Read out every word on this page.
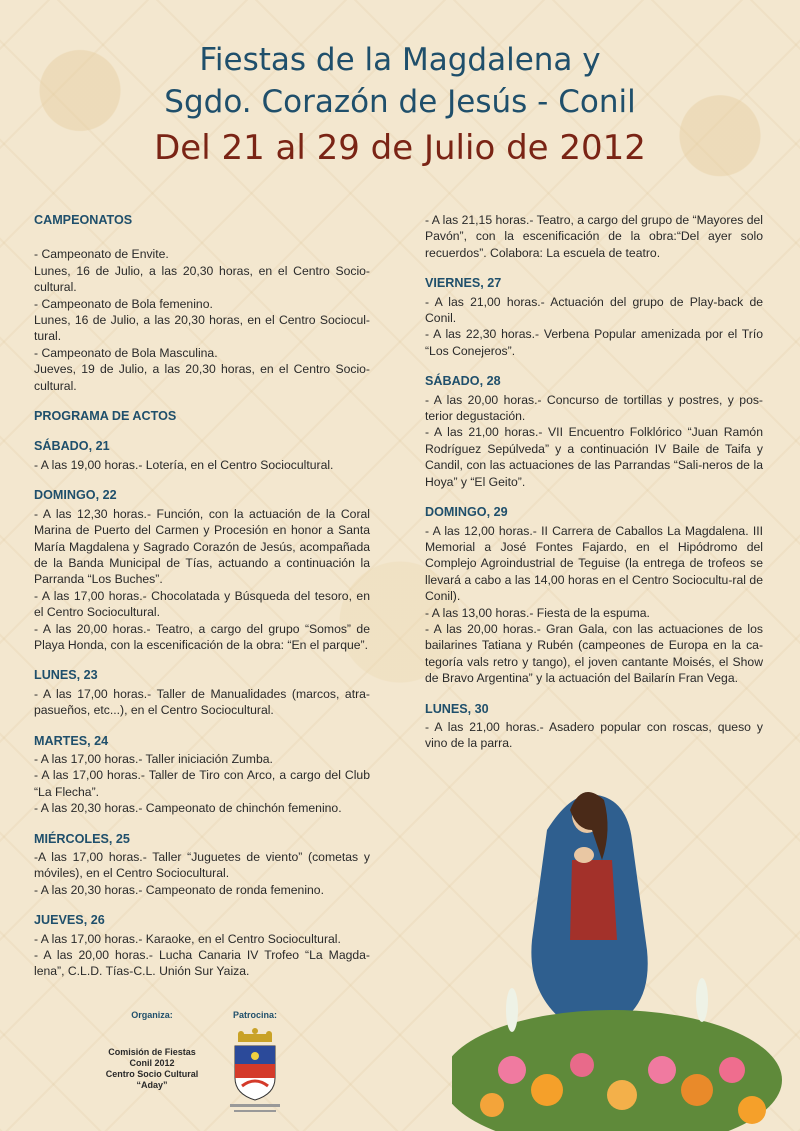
Fiestas de la Magdalena y
Sgdo. Corazón de Jesús - Conil
Del 21 al 29 de Julio de 2012
CAMPEONATOS
- Campeonato de Envite.
Lunes, 16 de Julio, a las 20,30 horas, en el Centro Socio-cultural.
- Campeonato de Bola femenino.
Lunes, 16 de Julio, a las 20,30 horas, en el Centro Sociocul-tural.
- Campeonato de Bola Masculina.
Jueves, 19 de Julio, a las 20,30 horas, en el Centro Socio-cultural.
PROGRAMA DE ACTOS
SÁBADO, 21
- A las 19,00 horas.- Lotería, en el Centro Sociocultural.
DOMINGO, 22
- A las 12,30 horas.- Función, con la actuación de la Coral Marina de Puerto del Carmen y Procesión en honor a Santa María Magdalena y Sagrado Corazón de Jesús, acompañada de la Banda Municipal de Tías, actuando a continuación la Parranda “Los Buches”.
- A las 17,00 horas.- Chocolatada y Búsqueda del tesoro, en el Centro Sociocultural.
- A las 20,00 horas.- Teatro, a cargo del grupo “Somos” de Playa Honda, con la escenificación de la obra: “En el parque”.
LUNES, 23
- A las 17,00 horas.- Taller de Manualidades (marcos, atra-pasueños, etc...), en el Centro Sociocultural.
MARTES, 24
- A las 17,00 horas.- Taller iniciación Zumba.
- A las 17,00 horas.- Taller de Tiro con Arco, a cargo del Club “La Flecha”.
- A las 20,30 horas.- Campeonato de chinchón femenino.
MIÉRCOLES, 25
-A las 17,00 horas.- Taller “Juguetes de viento” (cometas y móviles), en el Centro Sociocultural.
- A las 20,30 horas.- Campeonato de ronda femenino.
JUEVES, 26
- A las 17,00 horas.- Karaoke, en el Centro Sociocultural.
- A las 20,00 horas.- Lucha Canaria IV Trofeo “La Magda-lena”, C.L.D. Tías-C.L. Unión Sur Yaiza.
- A las 21,15 horas.- Teatro, a cargo del grupo de “Mayores del Pavón”, con la escenificación de la obra:“Del ayer solo recuerdos”. Colabora: La escuela de teatro.
VIERNES, 27
- A las 21,00 horas.- Actuación del grupo de Play-back de Conil.
- A las 22,30 horas.- Verbena Popular amenizada por el Trío “Los Conejeros”.
SÁBADO, 28
- A las 20,00 horas.- Concurso de tortillas y postres, y pos-terior degustación.
- A las 21,00 horas.- VII Encuentro Folklórico “Juan Ramón Rodríguez Sepúlveda” y a continuación IV Baile de Taifa y Candil, con las actuaciones de las Parrandas “Sali-neros de la Hoya” y “El Geito”.
DOMINGO, 29
- A las 12,00 horas.- II Carrera de Caballos La Magdalena. III Memorial a José Fontes Fajardo, en el Hipódromo del Complejo Agroindustrial de Teguise (la entrega de trofeos se llevará a cabo a las 14,00 horas en el Centro Sociocultu-ral de Conil).
- A las 13,00 horas.- Fiesta de la espuma.
- A las 20,00 horas.- Gran Gala, con las actuaciones de los bailarines Tatiana y Rubén (campeones de Europa en la ca-tegoría vals retro y tango), el joven cantante Moisés, el Show de Bravo Argentina” y la actuación del Bailarín Fran Vega.
LUNES, 30
- A las 21,00 horas.- Asadero popular con roscas, queso y vino de la parra.
Organiza:
Comisión de Fiestas
Conil 2012
Centro Socio Cultural
“Aday”
Patrocina:
